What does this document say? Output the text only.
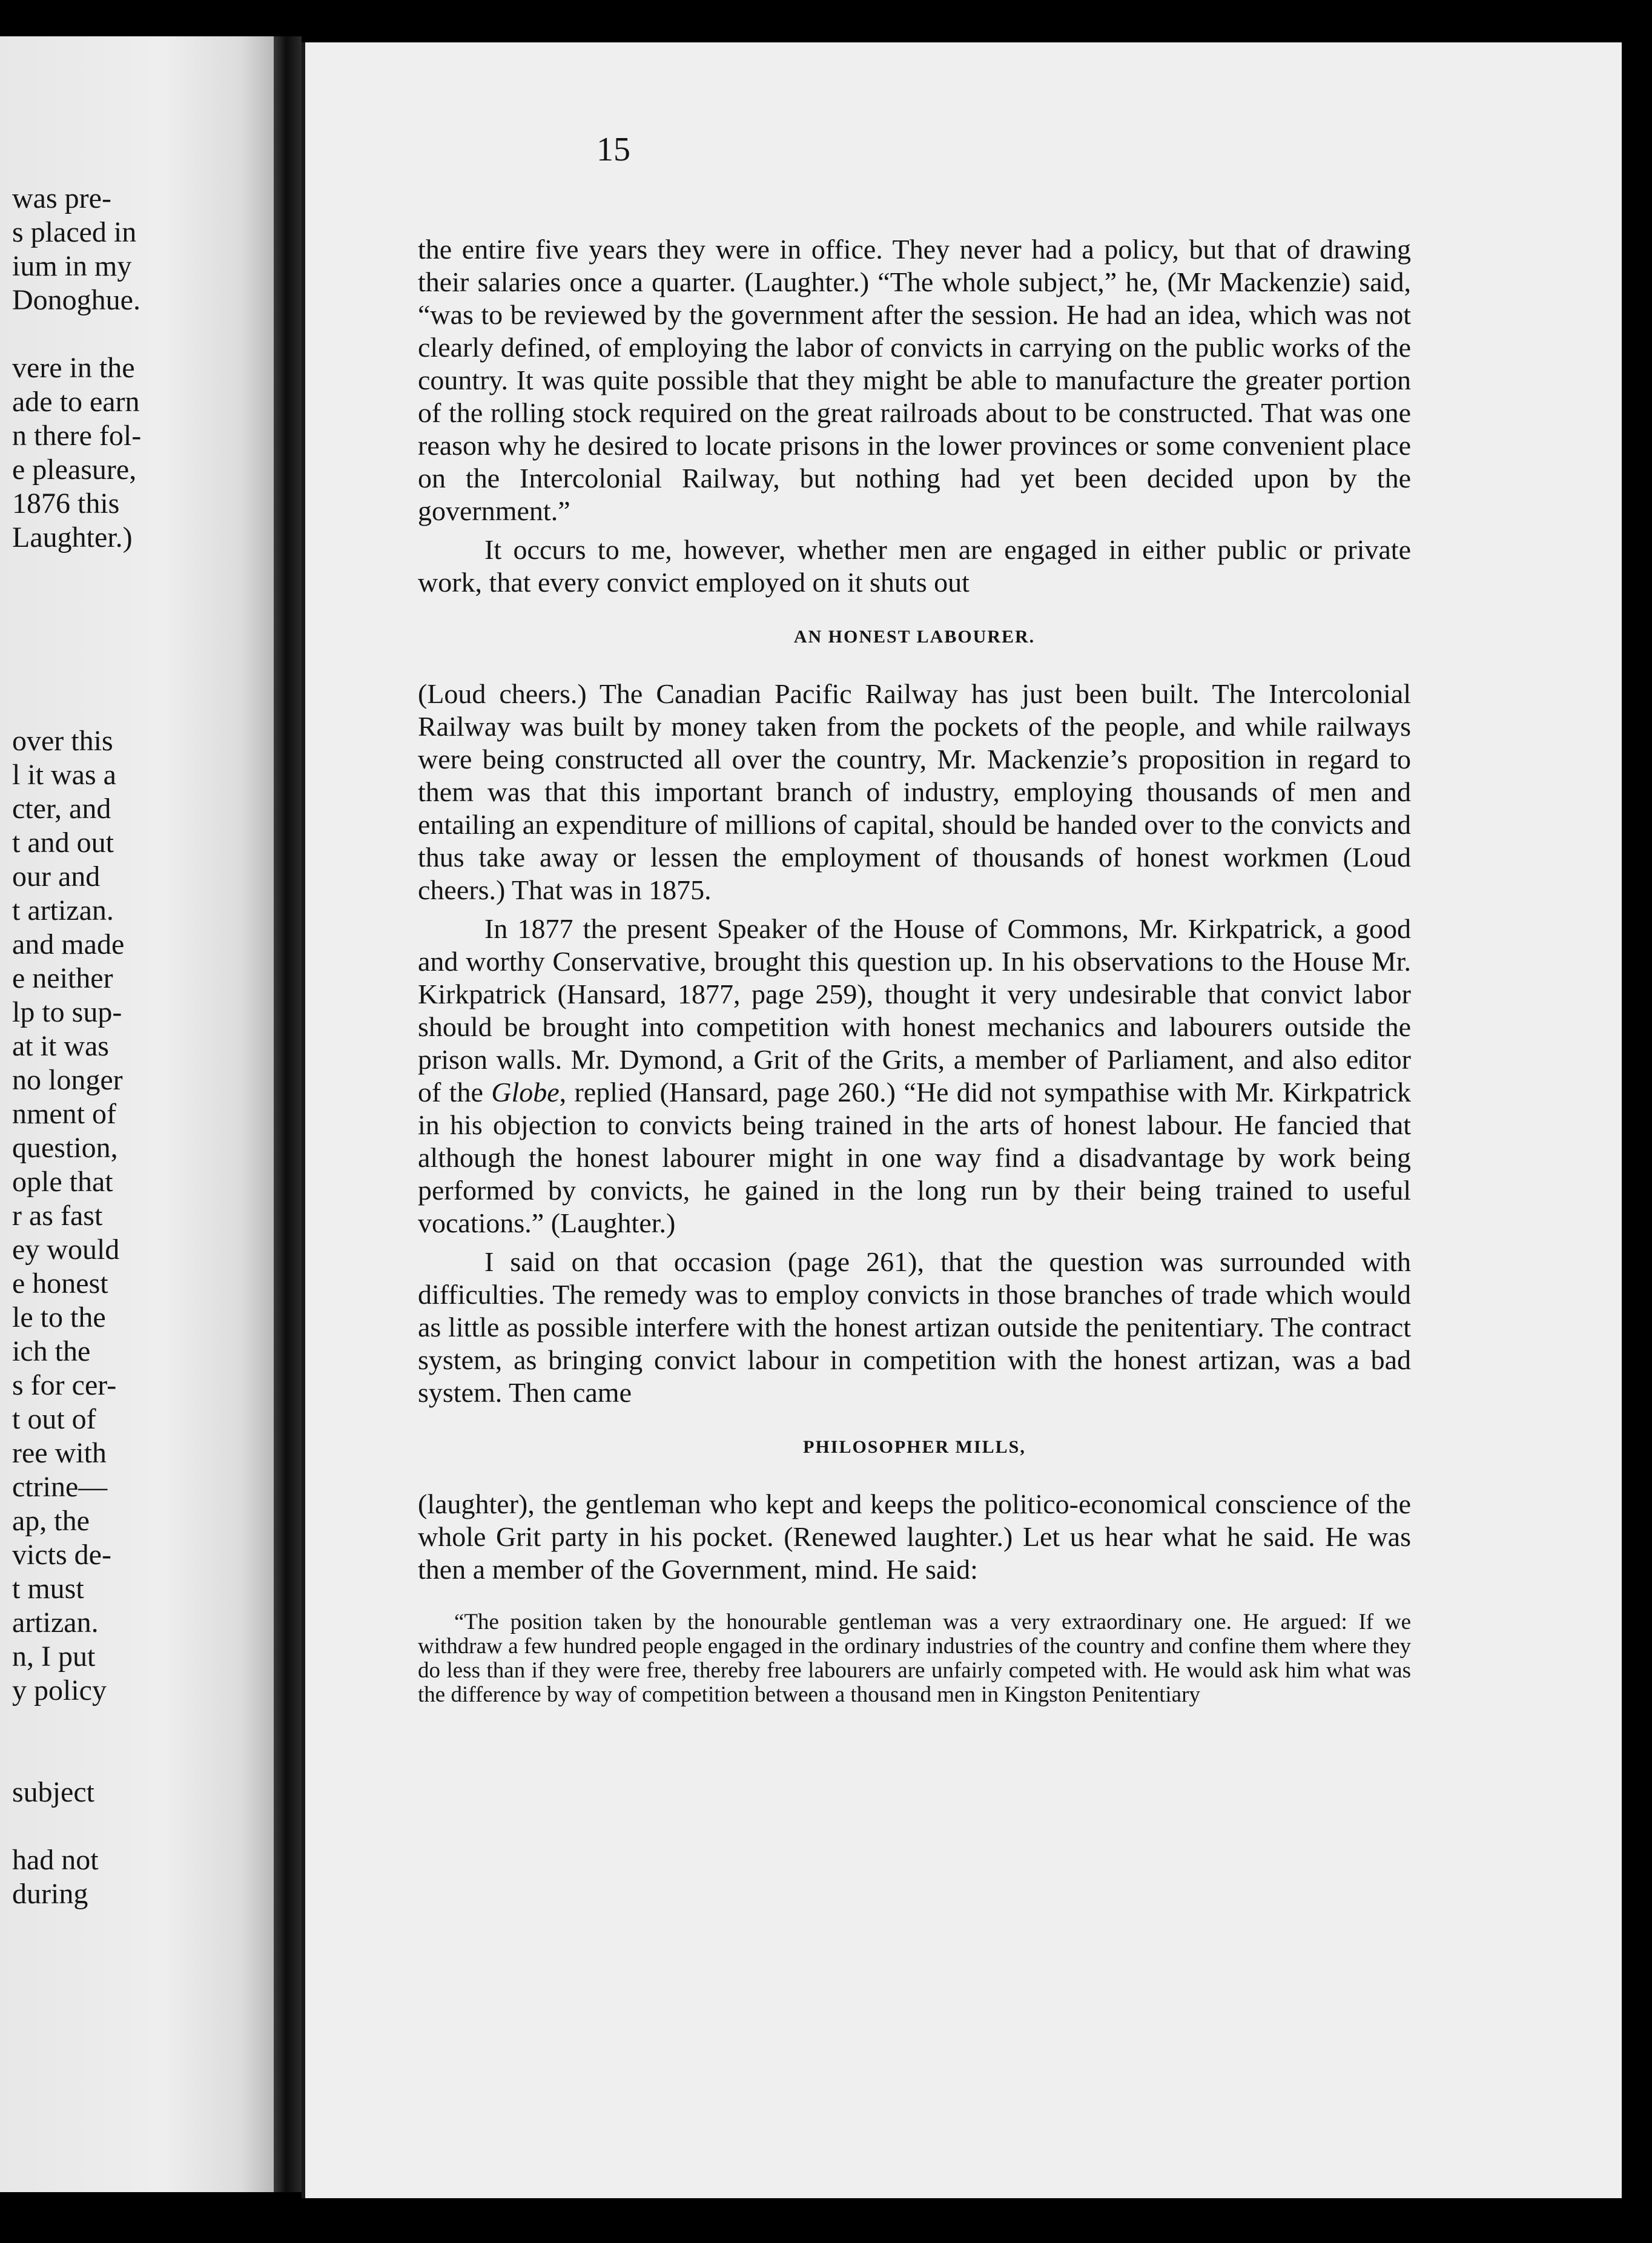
was pre-
s placed in
ium in my
Donoghue.
vere in the
ade to earn
n there fol-
e pleasure,
1876 this
Laughter.)
over this
l it was a
cter, and
t and out
our and
t artizan.
and made
e neither
lp to sup-
at it was
no longer
nment of
question,
ople that
r as fast
ey would
e honest
le to the
ich the
s for cer-
t out of
ree with
ctrine—
ap, the
victs de-
t must
artizan.
n, I put
y policy
subject
had not
during
15

the entire five years they were in office. They never had a policy, but that of drawing their salaries once a quarter. (Laughter.) “The whole subject,” he, (Mr Mackenzie) said, “was to be reviewed by the government after the session. He had an idea, which was not clearly defined, of employing the labor of convicts in carrying on the public works of the country. It was quite possible that they might be able to manufacture the greater portion of the rolling stock required on the great railroads about to be constructed. That was one reason why he desired to locate prisons in the lower provinces or some convenient place on the Intercolonial Railway, but nothing had yet been decided upon by the government.”

It occurs to me, however, whether men are engaged in either public or private work, that every convict employed on it shuts out

AN HONEST LABOURER.

(Loud cheers.) The Canadian Pacific Railway has just been built. The Intercolonial Railway was built by money taken from the pockets of the people, and while railways were being constructed all over the country, Mr. Mackenzie’s proposition in regard to them was that this important branch of industry, employing thousands of men and entailing an expenditure of millions of capital, should be handed over to the convicts and thus take away or lessen the employment of thousands of honest workmen (Loud cheers.) That was in 1875.

In 1877 the present Speaker of the House of Commons, Mr. Kirkpatrick, a good and worthy Conservative, brought this question up. In his observations to the House Mr. Kirkpatrick (Hansard, 1877, page 259), thought it very undesirable that convict labor should be brought into competition with honest mechanics and labourers outside the prison walls. Mr. Dymond, a Grit of the Grits, a member of Parliament, and also editor of the Globe, replied (Hansard, page 260.) “He did not sympathise with Mr. Kirkpatrick in his objection to convicts being trained in the arts of honest labour. He fancied that although the honest labourer might in one way find a disadvantage by work being performed by convicts, he gained in the long run by their being trained to useful vocations.” (Laughter.)

I said on that occasion (page 261), that the question was surrounded with difficulties. The remedy was to employ convicts in those branches of trade which would as little as possible interfere with the honest artizan outside the penitentiary. The contract system, as bringing convict labour in competition with the honest artizan, was a bad system. Then came

PHILOSOPHER MILLS,

(laughter), the gentleman who kept and keeps the politico-economical conscience of the whole Grit party in his pocket. (Renewed laughter.) Let us hear what he said. He was then a member of the Government, mind. He said:

“The position taken by the honourable gentleman was a very extraordinary one. He argued: If we withdraw a few hundred people engaged in the ordinary industries of the country and confine them where they do less than if they were free, thereby free labourers are unfairly competed with. He would ask him what was the difference by way of competition between a thousand men in Kingston Penitentiary
